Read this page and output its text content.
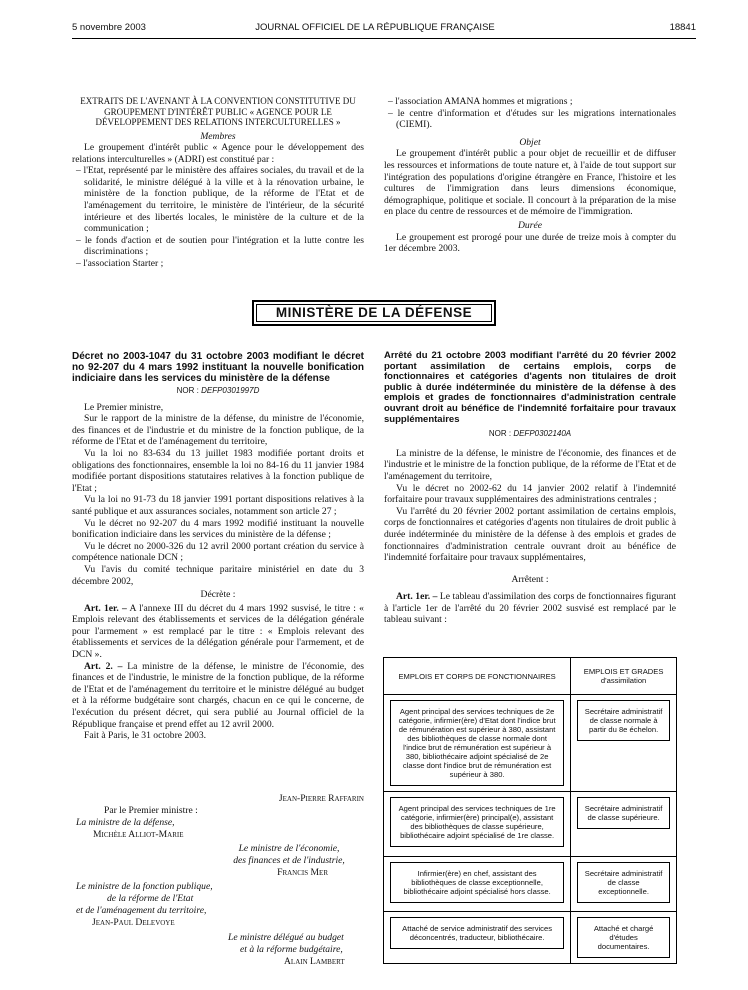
5 novembre 2003	JOURNAL OFFICIEL DE LA RÉPUBLIQUE FRANÇAISE	18841

EXTRAITS DE L'AVENANT À LA CONVENTION CONSTITUTIVE DU GROUPEMENT D'INTÉRÊT PUBLIC « AGENCE POUR LE DÉVELOPPEMENT DES RELATIONS INTERCULTURELLES »

Membres

Le groupement d'intérêt public « Agence pour le développement des relations interculturelles » (ADRI) est constitué par :

– l'Etat, représenté par le ministère des affaires sociales, du travail et de la solidarité, le ministre délégué à la ville et à la rénovation urbaine, le ministère de la fonction publique, de la réforme de l'Etat et de l'aménagement du territoire, le ministère de l'intérieur, de la sécurité intérieure et des libertés locales, le ministère de la culture et de la communication ;

– le fonds d'action et de soutien pour l'intégration et la lutte contre les discriminations ;

– l'association Starter ;

– l'association AMANA hommes et migrations ;

– le centre d'information et d'études sur les migrations internationales (CIEMI).

Objet

Le groupement d'intérêt public a pour objet de recueillir et de diffuser les ressources et informations de toute nature et, à l'aide de tout support sur l'intégration des populations d'origine étrangère en France, l'histoire et les cultures de l'immigration dans leurs dimensions économique, démographique, politique et sociale. Il concourt à la préparation de la mise en place du centre de ressources et de mémoire de l'immigration.

Durée

Le groupement est prorogé pour une durée de treize mois à compter du 1er décembre 2003.

MINISTÈRE DE LA DÉFENSE

Décret no 2003-1047 du 31 octobre 2003 modifiant le décret no 92-207 du 4 mars 1992 instituant la nouvelle bonification indiciaire dans les services du ministère de la défense

NOR : DEFP0301997D

Le Premier ministre,

Sur le rapport de la ministre de la défense, du ministre de l'économie, des finances et de l'industrie et du ministre de la fonction publique, de la réforme de l'Etat et de l'aménagement du territoire,

Vu la loi no 83-634 du 13 juillet 1983 modifiée portant droits et obligations des fonctionnaires, ensemble la loi no 84-16 du 11 janvier 1984 modifiée portant dispositions statutaires relatives à la fonction publique de l'Etat ;

Vu la loi no 91-73 du 18 janvier 1991 portant dispositions relatives à la santé publique et aux assurances sociales, notamment son article 27 ;

Vu le décret no 92-207 du 4 mars 1992 modifié instituant la nouvelle bonification indiciaire dans les services du ministère de la défense ;

Vu le décret no 2000-326 du 12 avril 2000 portant création du service à compétence nationale DCN ;

Vu l'avis du comité technique paritaire ministériel en date du 3 décembre 2002,

Décrète :

Art. 1er. – A l'annexe III du décret du 4 mars 1992 susvisé, le titre : « Emplois relevant des établissements et services de la délégation générale pour l'armement » est remplacé par le titre : « Emplois relevant des établissements et services de la délégation générale pour l'armement, et de DCN ».

Art. 2. – La ministre de la défense, le ministre de l'économie, des finances et de l'industrie, le ministre de la fonction publique, de la réforme de l'Etat et de l'aménagement du territoire et le ministre délégué au budget et à la réforme budgétaire sont chargés, chacun en ce qui le concerne, de l'exécution du présent décret, qui sera publié au Journal officiel de la République française et prend effet au 12 avril 2000.

Fait à Paris, le 31 octobre 2003.

Jean-Pierre Raffarin
Par le Premier ministre :
La ministre de la défense,
Michèle Alliot-Marie
Le ministre de l'économie,
des finances et de l'industrie,
Francis Mer
Le ministre de la fonction publique,
de la réforme de l'Etat
et de l'aménagement du territoire,
Jean-Paul Delevoye
Le ministre délégué au budget
et à la réforme budgétaire,
Alain Lambert

Arrêté du 21 octobre 2003 modifiant l'arrêté du 20 février 2002 portant assimilation de certains emplois, corps de fonctionnaires et catégories d'agents non titulaires de droit public à durée indéterminée du ministère de la défense à des emplois et grades de fonctionnaires d'administration centrale ouvrant droit au bénéfice de l'indemnité forfaitaire pour travaux supplémentaires

NOR : DEFP0302140A

La ministre de la défense, le ministre de l'économie, des finances et de l'industrie et le ministre de la fonction publique, de la réforme de l'Etat et de l'aménagement du territoire,

Vu le décret no 2002-62 du 14 janvier 2002 relatif à l'indemnité forfaitaire pour travaux supplémentaires des administrations centrales ;

Vu l'arrêté du 20 février 2002 portant assimilation de certains emplois, corps de fonctionnaires et catégories d'agents non titulaires de droit public à durée indéterminée du ministère de la défense à des emplois et grades de fonctionnaires d'administration centrale ouvrant droit au bénéfice de l'indemnité forfaitaire pour travaux supplémentaires,

Arrêtent :

Art. 1er. – Le tableau d'assimilation des corps de fonctionnaires figurant à l'article 1er de l'arrêté du 20 février 2002 susvisé est remplacé par le tableau suivant :

EMPLOIS ET CORPS DE FONCTIONNAIRES	EMPLOIS ET GRADES
d'assimilation

Agent principal des services techniques de 2e catégorie, infirmier(ère) d'Etat dont l'indice brut de rémunération est supérieur à 380, assistant des bibliothèques de classe normale dont l'indice brut de rémunération est supérieur à 380, bibliothécaire adjoint spécialisé de 2e classe dont l'indice brut de rémunération est supérieur à 380.	Secrétaire administratif de classe normale à partir du 8e échelon.

Agent principal des services techniques de 1re catégorie, infirmier(ère) principal(e), assistant des bibliothèques de classe supérieure, bibliothécaire adjoint spécialisé de 1re classe.	Secrétaire administratif de classe supérieure.

Infirmier(ère) en chef, assistant des bibliothèques de classe exceptionnelle, bibliothécaire adjoint spécialisé hors classe.	Secrétaire administratif de classe exceptionnelle.

Attaché de service administratif des services déconcentrés, traducteur, bibliothécaire.	Attaché et chargé d'études documentaires.
